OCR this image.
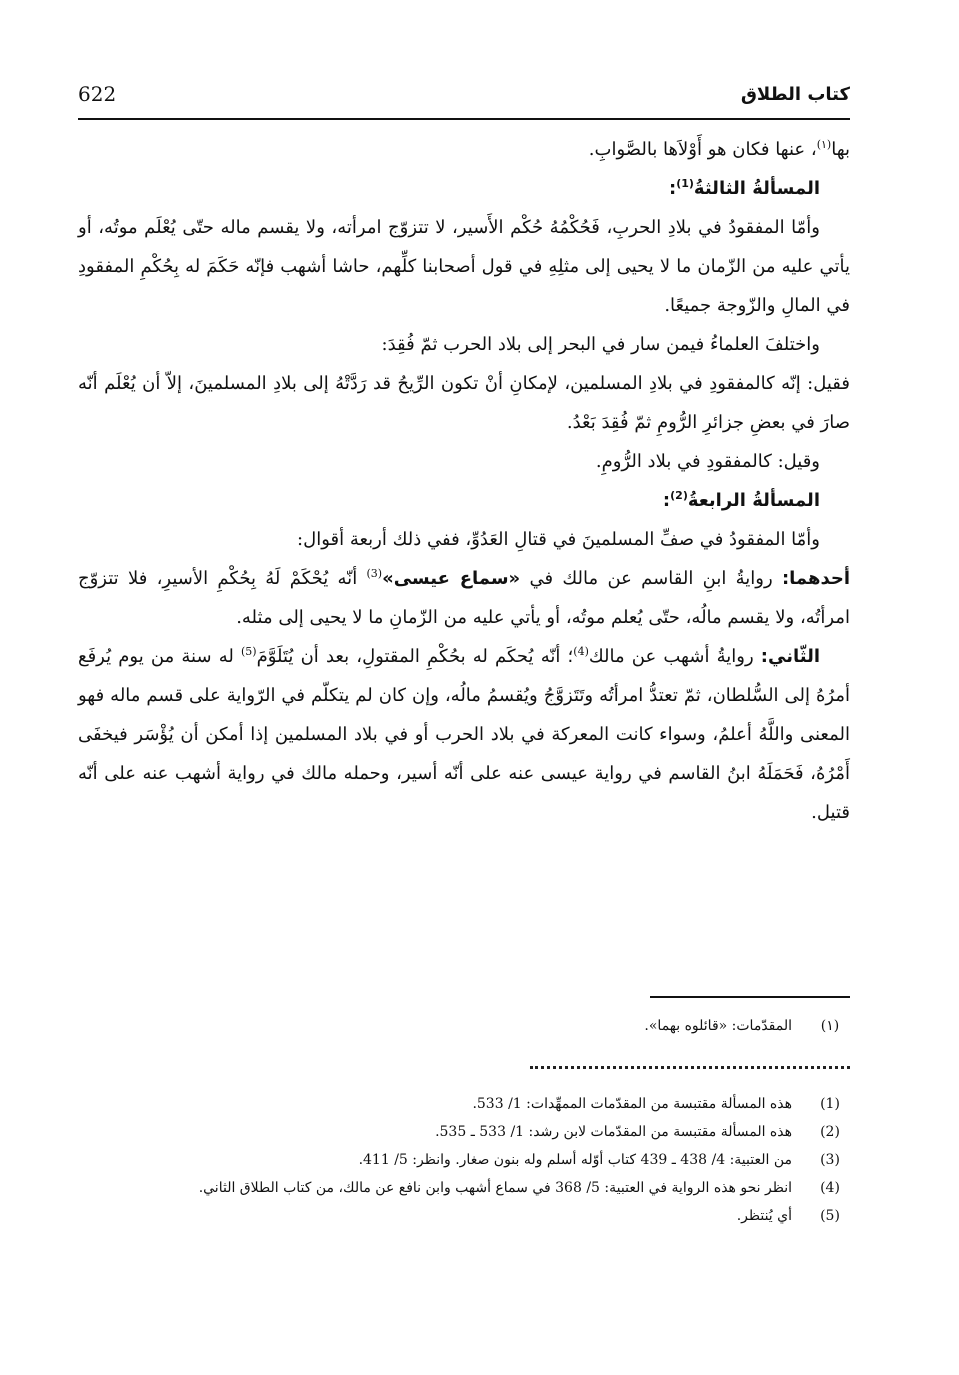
كتاب الطلاق
622

بها$^{(١)}$، عنها فكان هو أَوْلاَها بالصَّوابِ.

المسألةُ الثالثةُ$^{(1)}$:

وأمّا المفقودُ في بلادِ الحربِ، فَحُكْمُهُ حُكْم الأَسير، لا تتزوّج امرأته، ولا يقسم ماله حتّى يُعْلَم موتُه، أو يأتي عليه من الزّمان ما لا يحيى إلى مثلِهِ في قول أصحابنا كلِّهم، حاشا أشهب فإنّه حَكَمَ له بِحُكْمِ المفقودِ في المالِ والزّوجة جميعًا.

واختلفَ العلماءُ فيمن سار في البحر إلى بلاد الحرب ثمّ فُقِدَ:

فقيل: إنّه كالمفقودِ في بلادِ المسلمين، لإمكانِ أنْ تكون الرِّيحُ قد رَدَّتْهُ إلى بلادِ المسلمينَ، إلاّ أن يُعْلَم أنّه صارَ في بعضِ جزائرِ الرُّومِ ثمّ فُقِدَ بَعْدُ.

وقيل: كالمفقودِ في بلاد الرُّومِ.

المسألةُ الرابعةُ$^{(2)}$:

وأمّا المفقودُ في صفِّ المسلمينَ في قتالِ العَدُوِّ، ففي ذلك أربعة أقوال:

أحدهما: روايةُ ابنِ القاسم عن مالك في «سماع عيسى»$^{(3)}$ أنّه يُحْكَمْ لَهُ بِحُكْمِ الأسيرِ، فلا تتزوّج امرأتُه، ولا يقسم مالُه، حتّى يُعلم موتُه، أو يأتي عليه من الزّمانِ ما لا يحيى إلى مثله.

الثّاني: روايةُ أشهب عن مالك$^{(4)}$؛ أنّه يُحكَم له بحُكْمِ المقتولِ، بعد أن يُتَلَوَّمَ$^{(5)}$ له سنة من يوم يُرفَع أمرُهُ إلى السُّلطان، ثمّ تعتدُّ امرأتُه وتَتَزوَّجُ ويُقسمُ مالُه، وإن كان لم يتكلّم في الرّواية على قسم ماله فهو المعنى واللَّهُ أعلمُ، وسواء كانت المعركة في بلاد الحرب أو في بلاد المسلمين إذا أمكن أن يُؤْسَر فيخفَى أَمْرُهُ، فَحَمَلَهُ ابنُ القاسم في رواية عيسى عنه على أنّه أسير، وحمله مالك في رواية أشهب عنه على أنّه قتيل.

(١)
المقدّمات: «قائلوه بهما».

(1)
هذه المسألة مقتبسة من المقدّمات الممهِّدات: 1/ 533.

(2)
هذه المسألة مقتبسة من المقدّمات لابن رشد: 1/ 533 ـ 535.

(3)
من العتبية: 4/ 438 ـ 439 كتاب أوّله أسلم وله بنون صغار. وانظر: 5/ 411.

(4)
انظر نحو هذه الرواية في العتبية: 5/ 368 في سماع أشهب وابن نافع عن مالك، من كتاب الطلاق الثاني.

(5)
أي يُنتظر.
